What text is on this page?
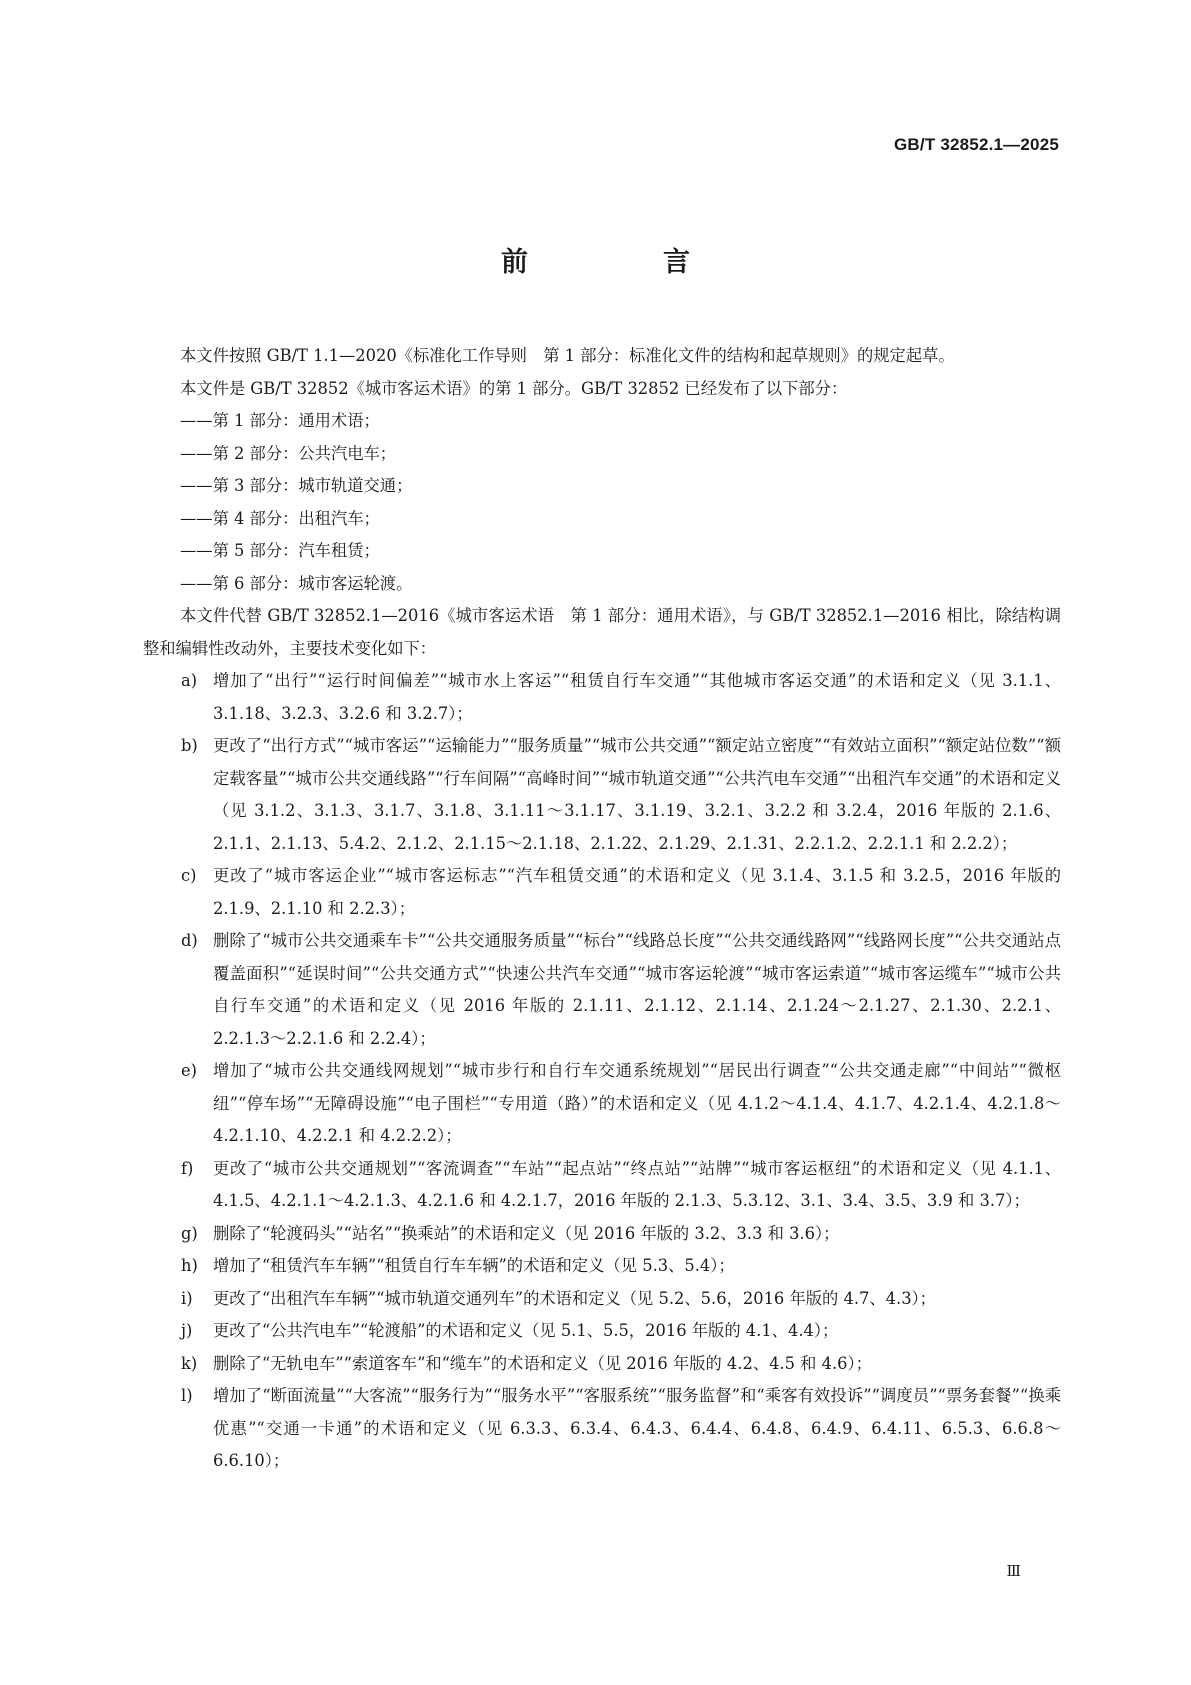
GB/T 32852.1—2025
前　言

本文件按照 GB/T 1.1—2020《标准化工作导则　第 1 部分：标准化文件的结构和起草规则》的规定起草。

本文件是 GB/T 32852《城市客运术语》的第 1 部分。GB/T 32852 已经发布了以下部分：

——第 1 部分：通用术语；

——第 2 部分：公共汽电车；

——第 3 部分：城市轨道交通；

——第 4 部分：出租汽车；

——第 5 部分：汽车租赁；

——第 6 部分：城市客运轮渡。

本文件代替 GB/T 32852.1—2016《城市客运术语　第 1 部分：通用术语》，与 GB/T 32852.1—2016 相比，除结构调整和编辑性改动外，主要技术变化如下：

a) 增加了“出行”“运行时间偏差”“城市水上客运”“租赁自行车交通”“其他城市客运交通”的术语和定义（见 3.1.1、3.1.18、3.2.3、3.2.6 和 3.2.7）；
b) 更改了“出行方式”“城市客运”“运输能力”“服务质量”“城市公共交通”“额定站立密度”“有效站立面积”“额定站位数”“额定载客量”“城市公共交通线路”“行车间隔”“高峰时间”“城市轨道交通”“公共汽电车交通”“出租汽车交通”的术语和定义（见 3.1.2、3.1.3、3.1.7、3.1.8、3.1.11～3.1.17、3.1.19、3.2.1、3.2.2 和 3.2.4，2016 年版的 2.1.6、2.1.1、2.1.13、5.4.2、2.1.2、2.1.15～2.1.18、2.1.22、2.1.29、2.1.31、2.2.1.2、2.2.1.1 和 2.2.2）；
c)	更改了“城市客运企业”“城市客运标志”“汽车租赁交通”的术语和定义（见 3.1.4、3.1.5 和 3.2.5，2016 年版的 2.1.9、2.1.10 和 2.2.3）；
d) 删除了“城市公共交通乘车卡”“公共交通服务质量”“标台”“线路总长度”“公共交通线路网”“线路网长度”“公共交通站点覆盖面积”“延误时间”“公共交通方式”“快速公共汽车交通”“城市客运轮渡”“城市客运索道”“城市客运缆车”“城市公共自行车交通”的术语和定义（见 2016 年版的 2.1.11、2.1.12、2.1.14、2.1.24～2.1.27、2.1.30、2.2.1、2.2.1.3～2.2.1.6 和 2.2.4）；
e) 增加了“城市公共交通线网规划”“城市步行和自行车交通系统规划”“居民出行调查”“公共交通走廊”“中间站”“微枢纽”“停车场”“无障碍设施”“电子围栏”“专用道（路）”的术语和定义（见 4.1.2～4.1.4、4.1.7、4.2.1.4、4.2.1.8～4.2.1.10、4.2.2.1 和 4.2.2.2）；
f)	更改了“城市公共交通规划”“客流调查”“车站”“起点站”“终点站”“站牌”“城市客运枢纽”的术语和定义（见 4.1.1、4.1.5、4.2.1.1～4.2.1.3、4.2.1.6 和 4.2.1.7，2016 年版的 2.1.3、5.3.12、3.1、3.4、3.5、3.9 和 3.7）；
g) 删除了“轮渡码头”“站名”“换乘站”的术语和定义（见 2016 年版的 3.2、3.3 和 3.6）；
h) 增加了“租赁汽车车辆”“租赁自行车车辆”的术语和定义（见 5.3、5.4）；
i)	更改了“出租汽车车辆”“城市轨道交通列车”的术语和定义（见 5.2、5.6，2016 年版的 4.7、4.3）；
j)	更改了“公共汽电车”“轮渡船”的术语和定义（见 5.1、5.5，2016 年版的 4.1、4.4）；
k) 删除了“无轨电车”“索道客车”和“缆车”的术语和定义（见 2016 年版的 4.2、4.5 和 4.6）；
l)	增加了“断面流量”“大客流”“服务行为”“服务水平”“客服系统”“服务监督”和“乘客有效投诉”“调度员”“票务套餐”“换乘优惠”“交通一卡通”的术语和定义（见 6.3.3、6.3.4、6.4.3、6.4.4、6.4.8、6.4.9、6.4.11、6.5.3、6.6.8～6.6.10）；
Ⅲ
